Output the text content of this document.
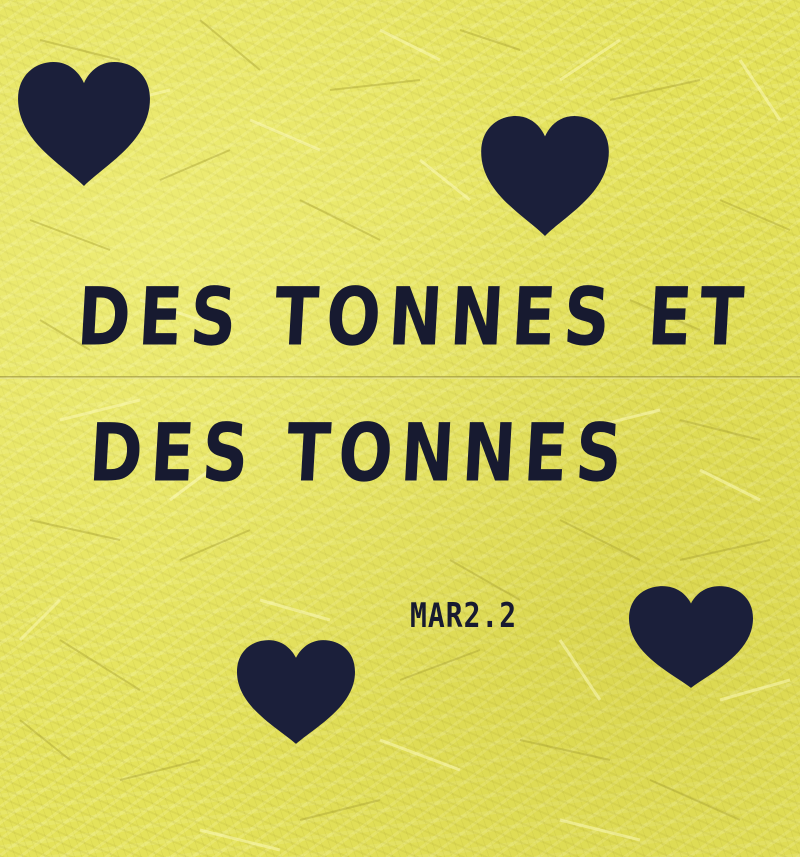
DES TONNES ET

DES TONNES

MAR2.2
